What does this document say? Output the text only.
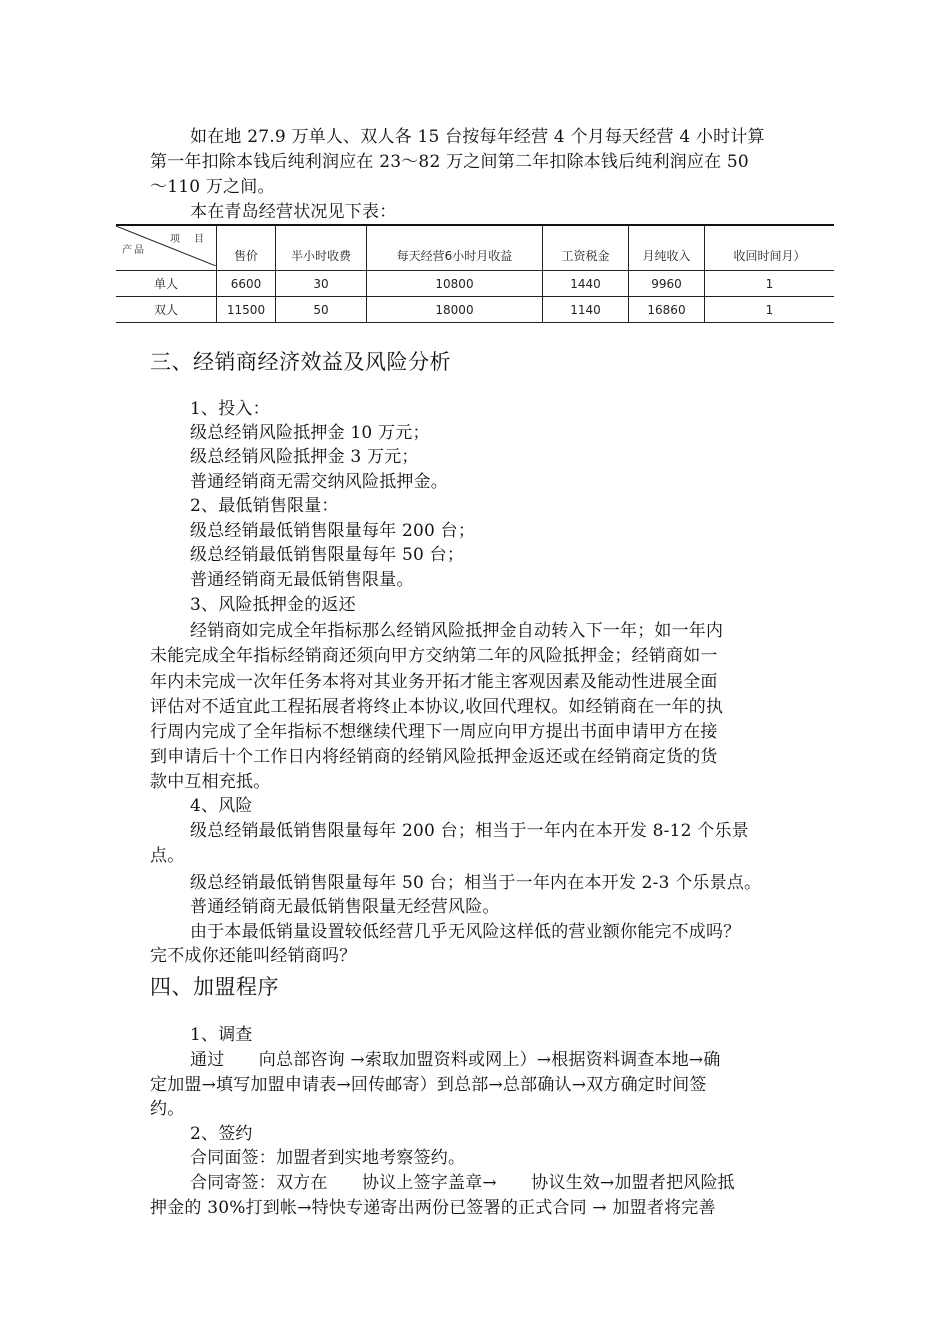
如在地 27.9 万单人、双人各 15 台按每年经营 4 个月每天经营 4 小时计算
第一年扣除本钱后纯利润应在 23～82 万之间第二年扣除本钱后纯利润应在 50
～110 万之间。
本在青岛经营状况见下表：
项　目
产品	售价	半小时收费	每天经营6小时月收益	工资税金	月纯收入	收回时间月）
单人	6600	30	10800	1440	9960	1
双人	11500	50	18000	1140	16860	1
三、经销商经济效益及风险分析
1、投入：
级总经销风险抵押金 10 万元；
级总经销风险抵押金 3 万元；
普通经销商无需交纳风险抵押金。
2、最低销售限量：
级总经销最低销售限量每年 200 台；
级总经销最低销售限量每年 50 台；
普通经销商无最低销售限量。
3、风险抵押金的返还
经销商如完成全年指标那么经销风险抵押金自动转入下一年；如一年内
未能完成全年指标经销商还须向甲方交纳第二年的风险抵押金；经销商如一
年内未完成一次年任务本将对其业务开拓才能主客观因素及能动性进展全面
评估对不适宜此工程拓展者将终止本协议,收回代理权。如经销商在一年的执
行周内完成了全年指标不想继续代理下一周应向甲方提出书面申请甲方在接
到申请后十个工作日内将经销商的经销风险抵押金返还或在经销商定货的货
款中互相充抵。
4、风险
级总经销最低销售限量每年 200 台；相当于一年内在本开发 8-12 个乐景
点。
级总经销最低销售限量每年 50 台；相当于一年内在本开发 2-3 个乐景点。
普通经销商无最低销售限量无经营风险。
由于本最低销量设置较低经营几乎无风险这样低的营业额你能完不成吗？
完不成你还能叫经销商吗？
四、加盟程序
1、调查
通过　　向总部咨询 →索取加盟资料或网上）→根据资料调查本地→确
定加盟→填写加盟申请表→回传邮寄）到总部→总部确认→双方确定时间签
约。
2、签约
合同面签：加盟者到实地考察签约。
合同寄签：双方在　　协议上签字盖章→　　协议生效→加盟者把风险抵
押金的 30%打到帐→特快专递寄出两份已签署的正式合同 → 加盟者将完善
